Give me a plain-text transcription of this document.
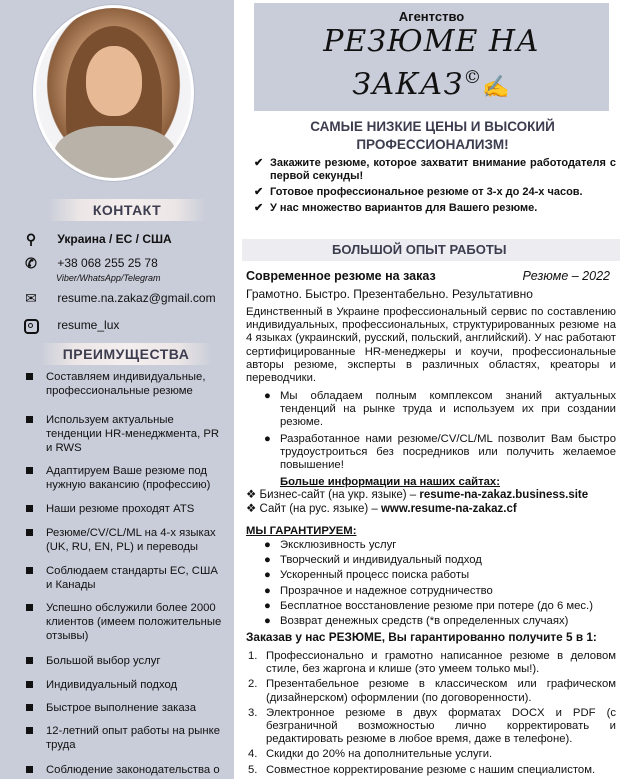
КОНТАКТ
⚲ Украина / ЕС / США
✆ +38 068 255 25 78
Viber/WhatsApp/Telegram
✉ resume.na.zakaz@gmail.com
resume_lux
ПРЕИМУЩЕСТВА
Составляем индивидуальные, профессиональные резюме
Используем актуальные тенденции HR-менеджмента, PR и RWS
Адаптируем Ваше резюме под нужную вакансию (профессию)
Наши резюме проходят ATS
Резюме/CV/CL/ML на 4-х языках (UK, RU, EN, PL) и переводы
Соблюдаем стандарты ЕС, США и Канады
Успешно обслужили более 2000 клиентов (имеем положительные отзывы)
Большой выбор услуг
Индивидуальный подход
Быстрое выполнение заказа
12-летний опыт работы на рынке труда
Соблюдение законодательства о
Агентство
РЕЗЮМЕ НА
ЗАКАЗ©✍
САМЫЕ НИЗКИЕ ЦЕНЫ И ВЫСОКИЙ ПРОФЕССИОНАЛИЗМ!
✔ Закажите резюме, которое захватит внимание работодателя с первой секунды!
✔ Готовое профессиональное резюме от 3-х до 24-х часов.
✔ У нас множество вариантов для Вашего резюме.
БОЛЬШОЙ ОПЫТ РАБОТЫ
Современное резюме на заказ	Резюме – 2022
Грамотно. Быстро. Презентабельно. Результативно
Единственный в Украине профессиональный сервис по составлению индивидуальных, профессиональных, структурированных резюме на 4 языках (украинский, русский, польский, английский). У нас работают сертифицированные HR-менеджеры и коучи, профессиональные авторы резюме, эксперты в различных областях, креаторы и переводчики.
● Мы обладаем полным комплексом знаний актуальных тенденций на рынке труда и используем их при создании резюме.
● Разработанное нами резюме/CV/CL/ML позволит Вам быстро трудоустроиться без посредников или получить желаемое повышение!
Больше информации на наших сайтах:
❖ Бизнес-сайт (на укр. языке) – resume-na-zakaz.business.site
❖ Сайт (на рус. языке) – www.resume-na-zakaz.cf
МЫ ГАРАНТИРУЕМ:
● Эксклюзивность услуг
● Творческий и индивидуальный подход
● Ускоренный процесс поиска работы
● Прозрачное и надежное сотрудничество
● Бесплатное восстановление резюме при потере (до 6 мес.)
● Возврат денежных средств (*в определенных случаях)
Заказав у нас РЕЗЮМЕ, Вы гарантированно получите 5 в 1:
1. Профессионально и грамотно написанное резюме в деловом стиле, без жаргона и клише (это умеем только мы!).
2. Презентабельное резюме в классическом или графическом (дизайнерском) оформлении (по договоренности).
3. Электронное резюме в двух форматах DOCX и PDF (с безграничной возможностью лично корректировать и редактировать резюме в любое время, даже в телефоне).
4. Скидки до 20% на дополнительные услуги.
5. Совместное корректирование резюме с нашим специалистом.
